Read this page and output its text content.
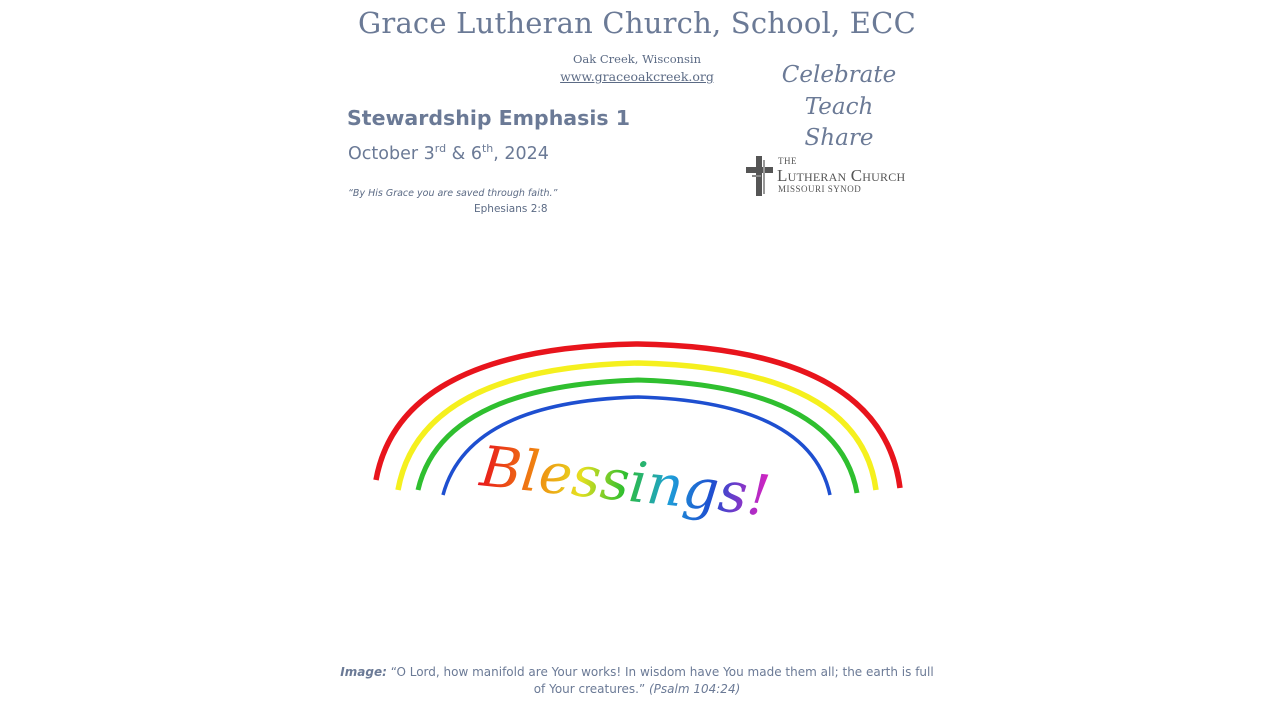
Grace Lutheran Church, School, ECC
Oak Creek, Wisconsin
www.graceoakcreek.org	Celebrate
Teach
Share
THE
Lutheran Church
MISSOURI SYNOD
Stewardship Emphasis 1
October 3rd & 6th, 2024
“By His Grace you are saved through faith.”
Ephesians 2:8
Blessings!
Image: “O Lord, how manifold are Your works! In wisdom have You made them all; the earth is full of Your creatures.” (Psalm 104:24)
